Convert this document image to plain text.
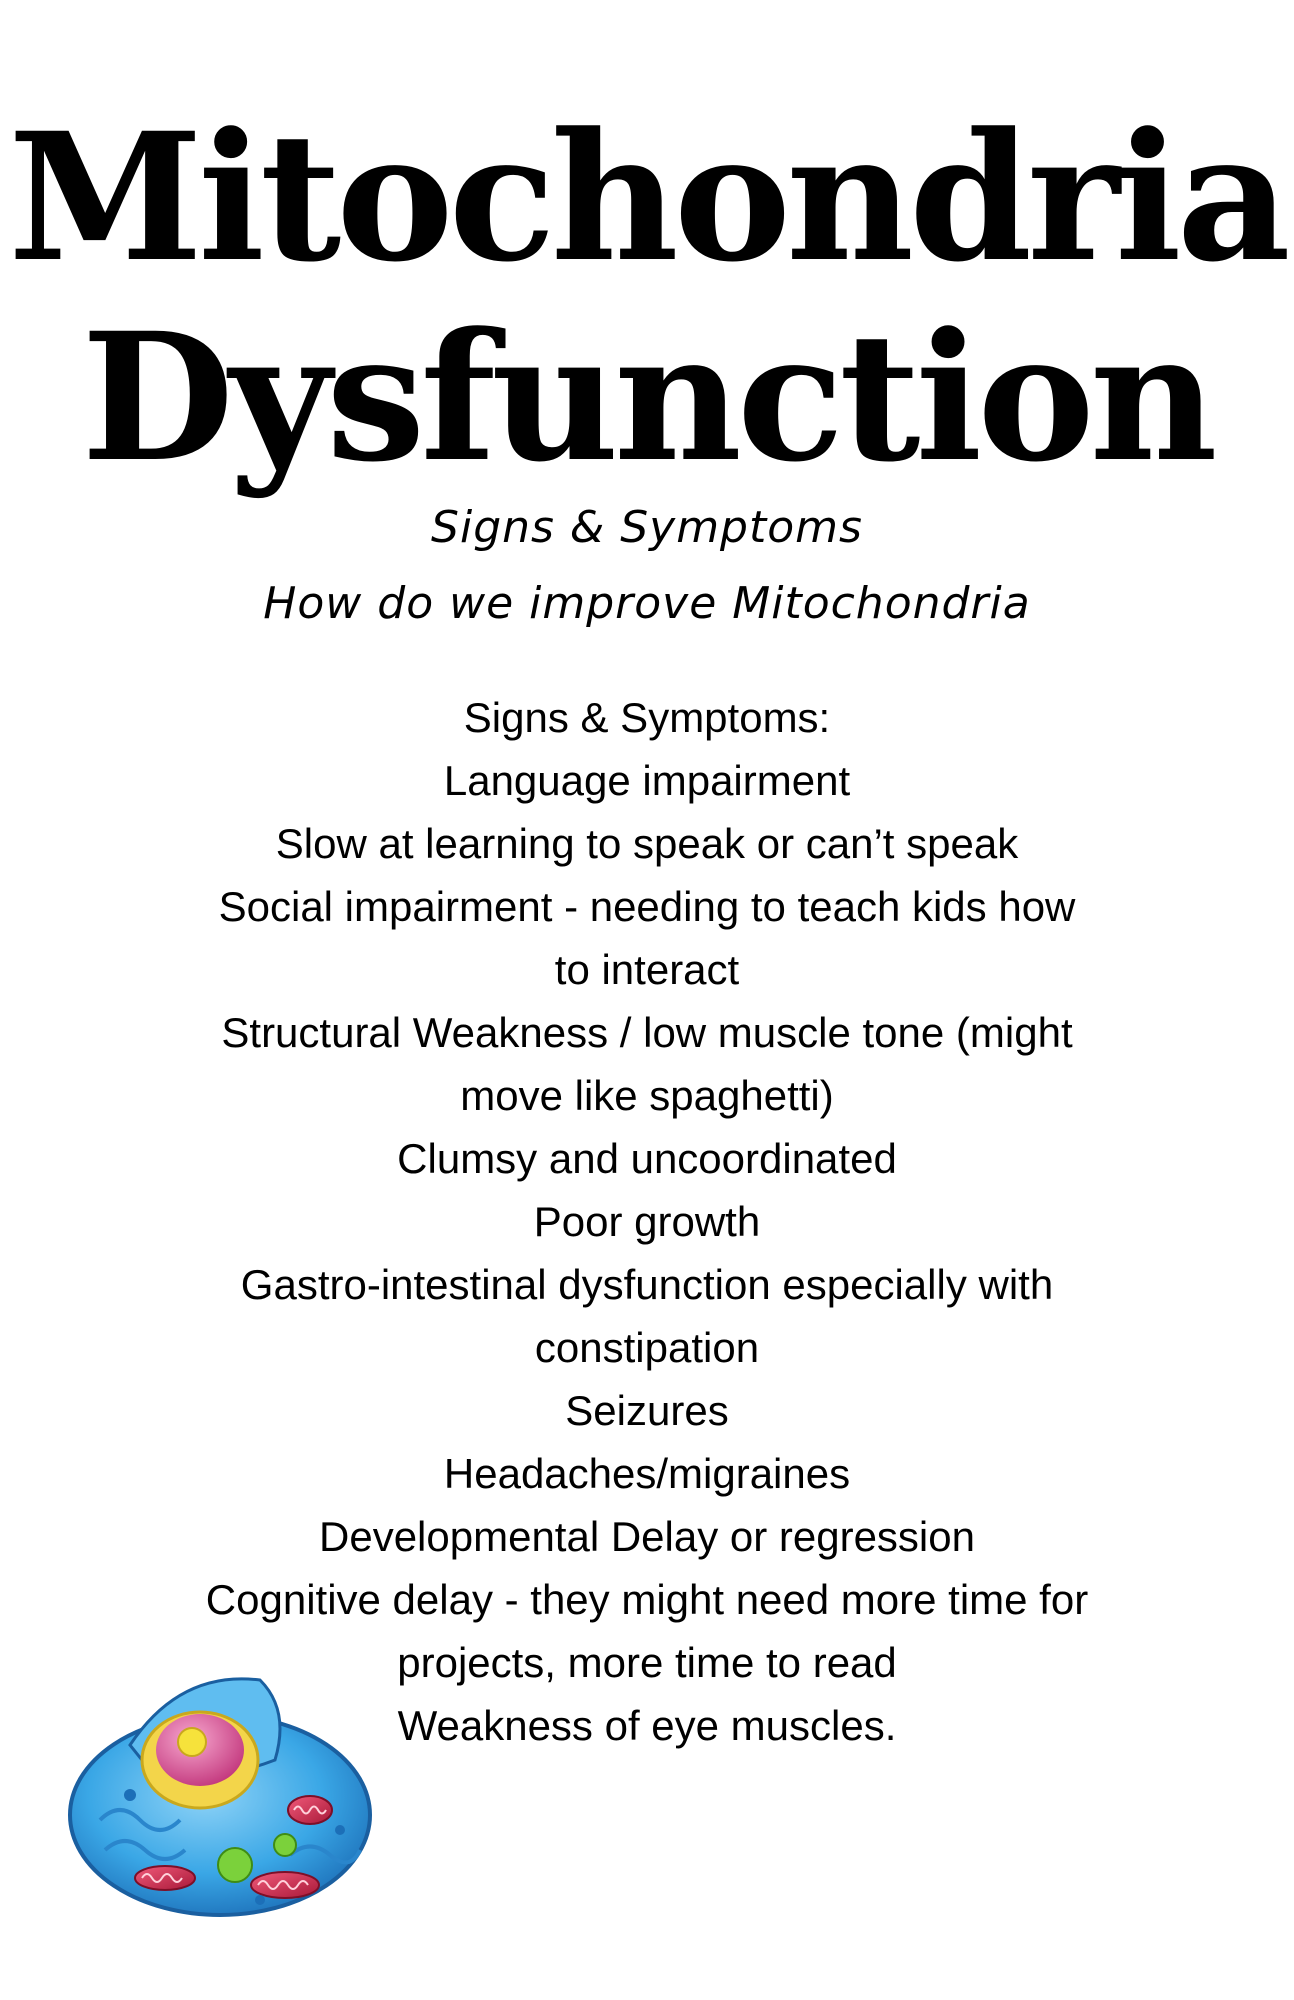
Mitochondria
Dysfunction
Signs & Symptoms
How do we improve Mitochondria
Signs & Symptoms:
Language impairment
Slow at learning to speak or can’t speak
Social impairment - needing to teach kids how to interact
Structural Weakness / low muscle tone (might move like spaghetti)
Clumsy and uncoordinated
Poor growth
Gastro-intestinal dysfunction especially with constipation
Seizures
Headaches/migraines
Developmental Delay or regression
Cognitive delay - they might need more time for projects, more time to read
Weakness of eye muscles.
